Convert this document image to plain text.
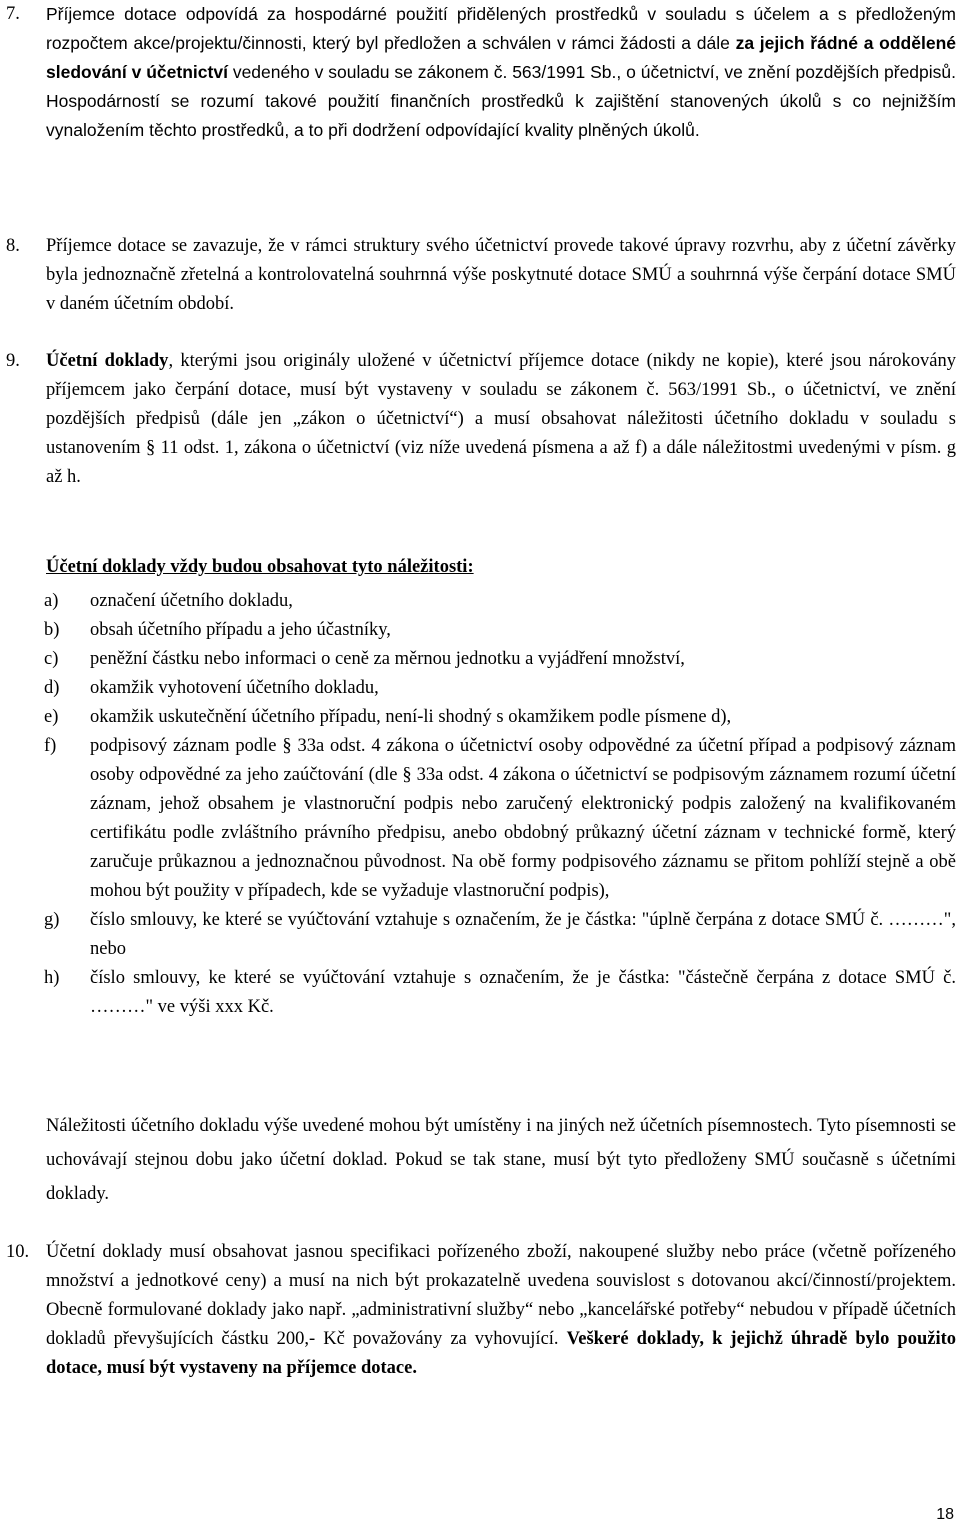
7. Příjemce dotace odpovídá za hospodárné použití přidělených prostředků v souladu s účelem a s předloženým rozpočtem akce/projektu/činnosti, který byl předložen a schválen v rámci žádosti a dále za jejich řádné a oddělené sledování v účetnictví vedeného v souladu se zákonem č. 563/1991 Sb., o účetnictví, ve znění pozdějších předpisů. Hospodárností se rozumí takové použití finančních prostředků k zajištění stanovených úkolů s co nejnižším vynaložením těchto prostředků, a to při dodržení odpovídající kvality plněných úkolů.
8. Příjemce dotace se zavazuje, že v rámci struktury svého účetnictví provede takové úpravy rozvrhu, aby z účetní závěrky byla jednoznačně zřetelná a kontrolovatelná souhrnná výše poskytnuté dotace SMÚ a souhrnná výše čerpání dotace SMÚ v daném účetním období.
9. Účetní doklady, kterými jsou originály uložené v účetnictví příjemce dotace (nikdy ne kopie), které jsou nárokovány příjemcem jako čerpání dotace, musí být vystaveny v souladu se zákonem č. 563/1991 Sb., o účetnictví, ve znění pozdějších předpisů (dále jen „zákon o účetnictví“) a musí obsahovat náležitosti účetního dokladu v souladu s ustanovením § 11 odst. 1, zákona o účetnictví (viz níže uvedená písmena a až f) a dále náležitostmi uvedenými v písm. g až h.
Účetní doklady vždy budou obsahovat tyto náležitosti:
a) označení účetního dokladu,
b) obsah účetního případu a jeho účastníky,
c) peněžní částku nebo informaci o ceně za měrnou jednotku a vyjádření množství,
d) okamžik vyhotovení účetního dokladu,
e) okamžik uskutečnění účetního případu, není-li shodný s okamžikem podle písmene d),
f) podpisový záznam podle § 33a odst. 4 zákona o účetnictví osoby odpovědné za účetní případ a podpisový záznam osoby odpovědné za jeho zaúčtování (dle § 33a odst. 4 zákona o účetnictví se podpisovým záznamem rozumí účetní záznam, jehož obsahem je vlastnoruční podpis nebo zaručený elektronický podpis založený na kvalifikovaném certifikátu podle zvláštního právního předpisu, anebo obdobný průkazný účetní záznam v technické formě, který zaručuje průkaznou a jednoznačnou původnost. Na obě formy podpisového záznamu se přitom pohlíží stejně a obě mohou být použity v případech, kde se vyžaduje vlastnoruční podpis),
g) číslo smlouvy, ke které se vyúčtování vztahuje s označením, že je částka: "úplně čerpána z dotace SMÚ č. ………", nebo
h) číslo smlouvy, ke které se vyúčtování vztahuje s označením, že je částka: "částečně čerpána z dotace SMÚ č. ………" ve výši xxx Kč.
Náležitosti účetního dokladu výše uvedené mohou být umístěny i na jiných než účetních písemnostech. Tyto písemnosti se uchovávají stejnou dobu jako účetní doklad. Pokud se tak stane, musí být tyto předloženy SMÚ současně s účetními doklady.
10. Účetní doklady musí obsahovat jasnou specifikaci pořízeného zboží, nakoupené služby nebo práce (včetně pořízeného množství a jednotkové ceny) a musí na nich být prokazatelně uvedena souvislost s dotovanou akcí/činností/projektem. Obecně formulované doklady jako např. „administrativní služby“ nebo „kancelářské potřeby“ nebudou v případě účetních dokladů převyšujících částku 200,- Kč považovány za vyhovující. Veškeré doklady, k jejichž úhradě bylo použito dotace, musí být vystaveny na příjemce dotace.
18
